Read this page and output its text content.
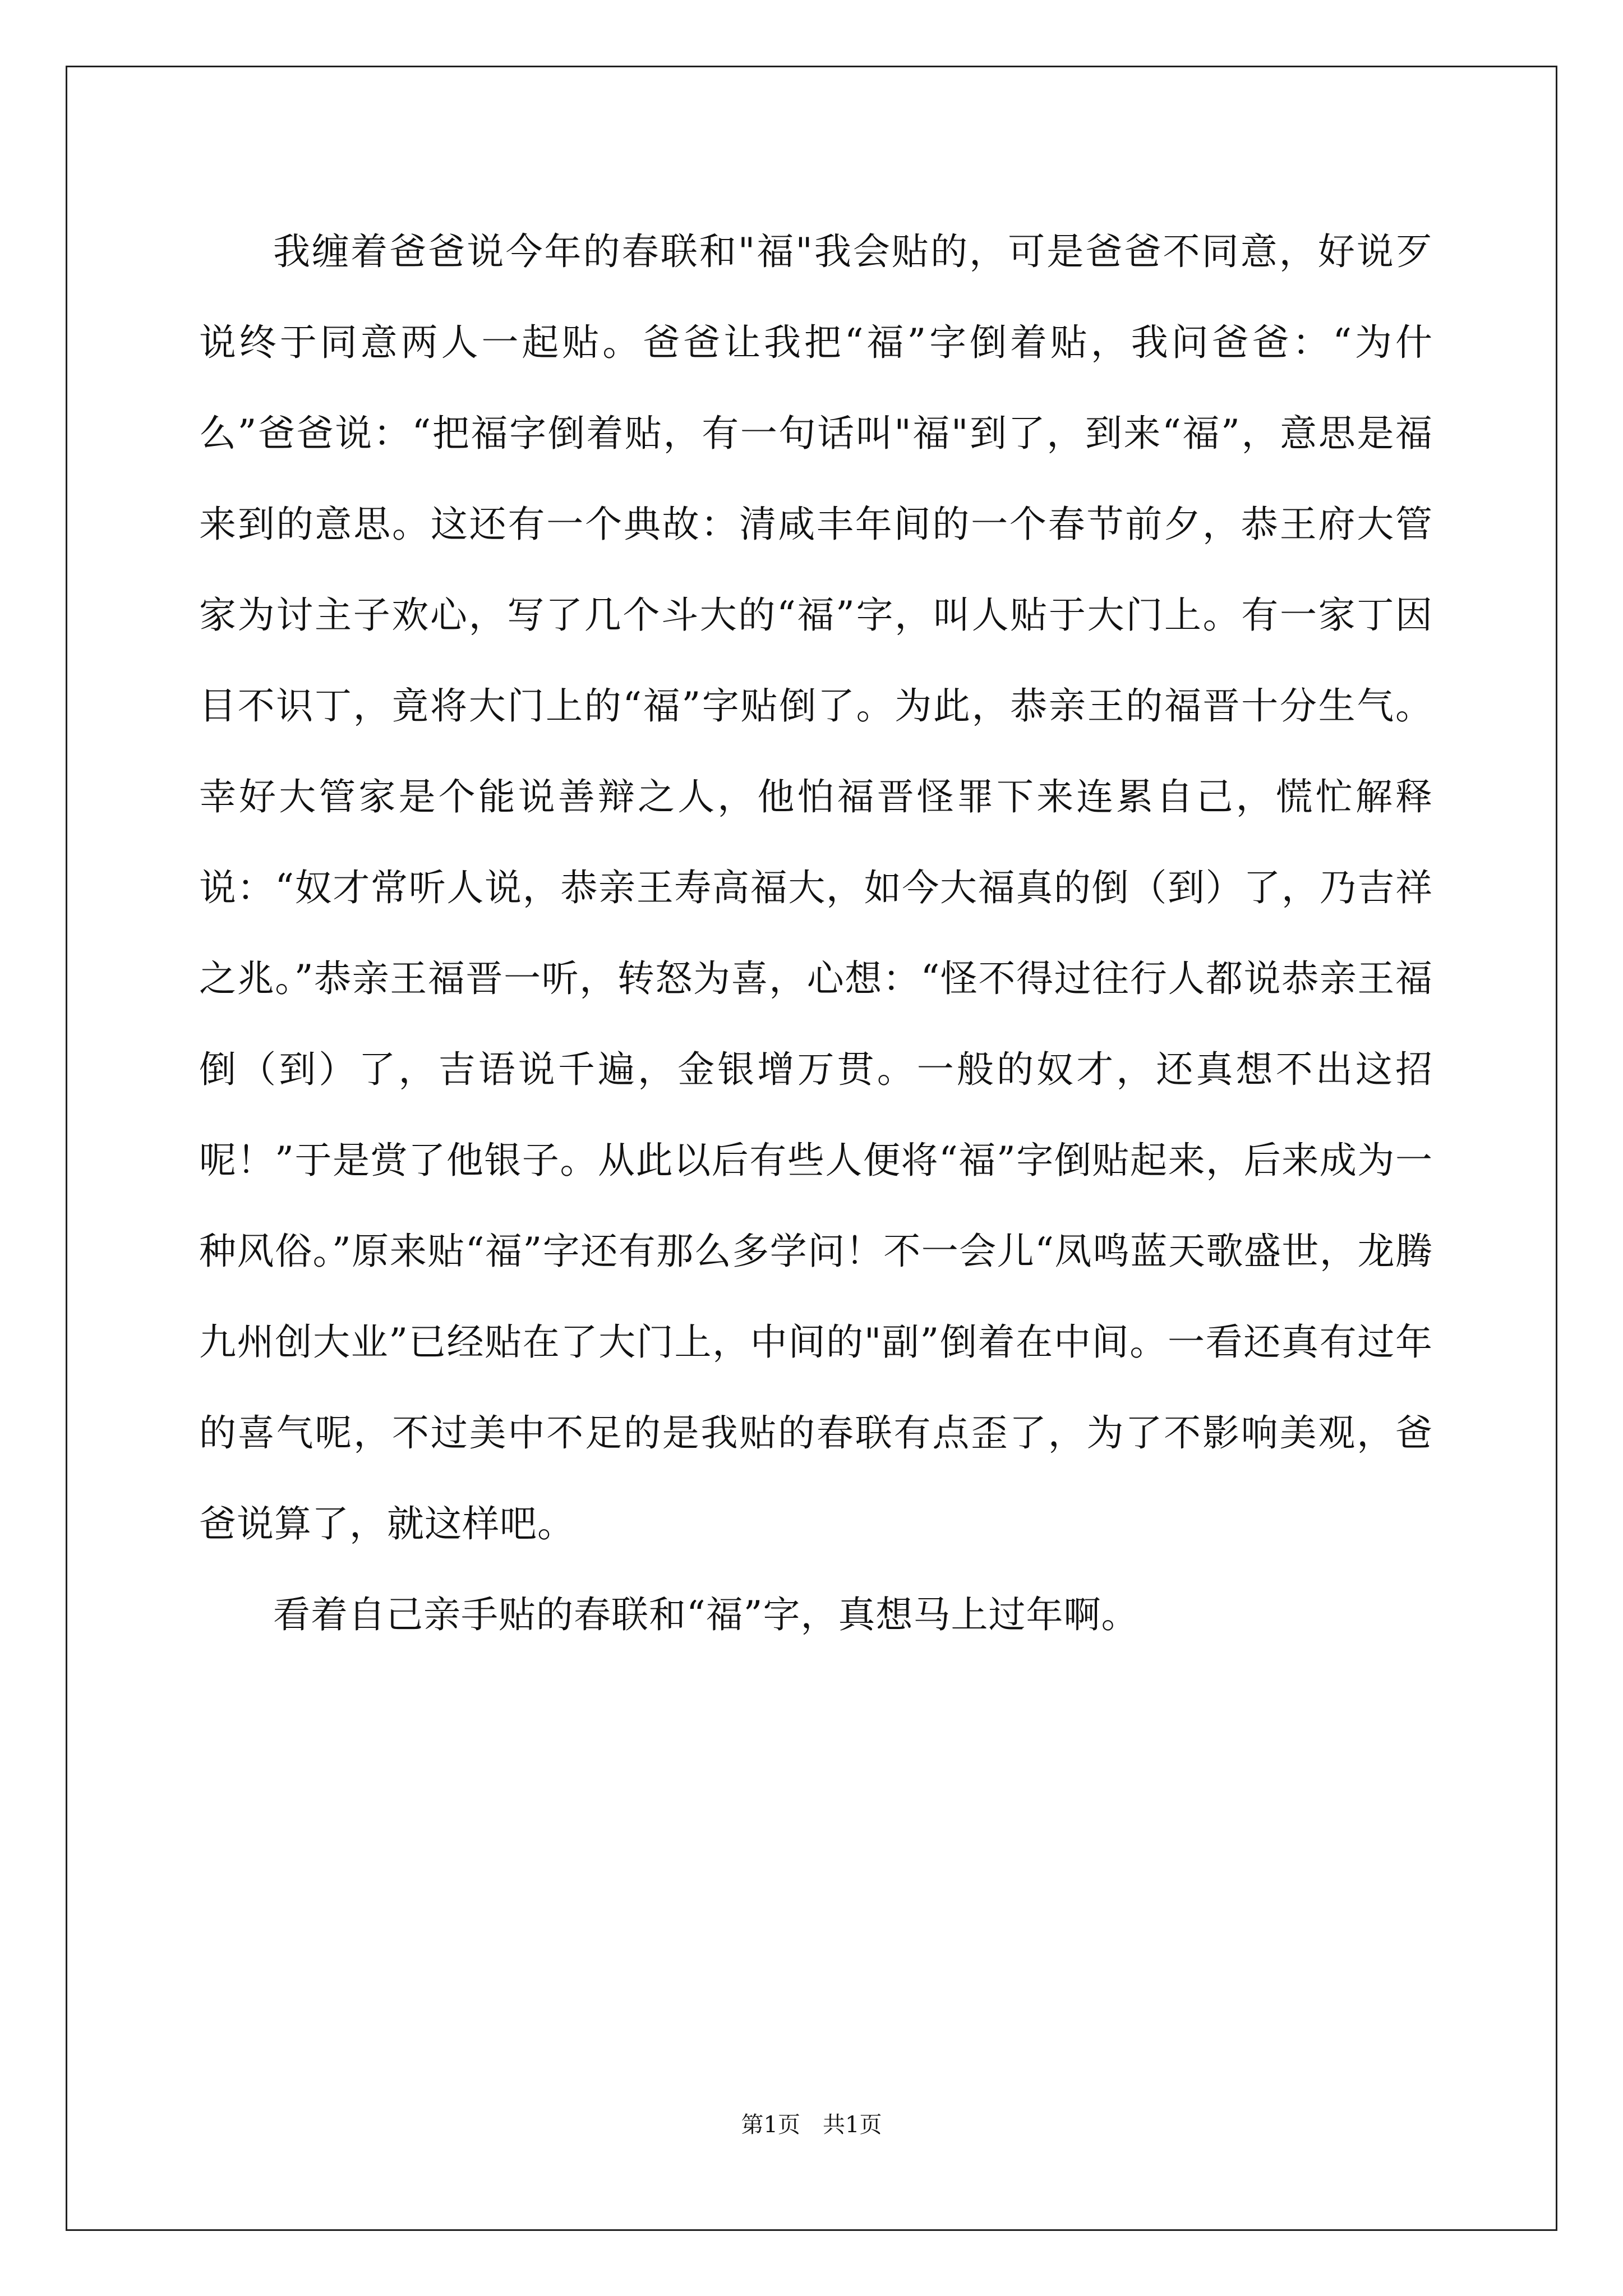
我缠着爸爸说今年的春联和"福"我会贴的，可是爸爸不同意，好说歹说终于同意两人一起贴。爸爸让我把“福”字倒着贴，我问爸爸：“为什么”爸爸说：“把福字倒着贴，有一句话叫"福"到了，到来“福”，意思是福来到的意思。这还有一个典故：清咸丰年间的一个春节前夕，恭王府大管家为讨主子欢心，写了几个斗大的“福”字，叫人贴于大门上。有一家丁因目不识丁，竟将大门上的“福”字贴倒了。为此，恭亲王的福晋十分生气。幸好大管家是个能说善辩之人，他怕福晋怪罪下来连累自己，慌忙解释说：“奴才常听人说，恭亲王寿高福大，如今大福真的倒（到）了，乃吉祥之兆。”恭亲王福晋一听，转怒为喜，心想：“怪不得过往行人都说恭亲王福倒（到）了，吉语说千遍，金银增万贯。一般的奴才，还真想不出这招呢！”于是赏了他银子。从此以后有些人便将“福”字倒贴起来，后来成为一种风俗。”原来贴“福”字还有那么多学问！不一会儿“凤鸣蓝天歌盛世，龙腾九州创大业”已经贴在了大门上，中间的"副”倒着在中间。一看还真有过年的喜气呢，不过美中不足的是我贴的春联有点歪了，为了不影响美观，爸爸说算了，就这样吧。

看着自己亲手贴的春联和“福”字，真想马上过年啊。

第1页　共1页
